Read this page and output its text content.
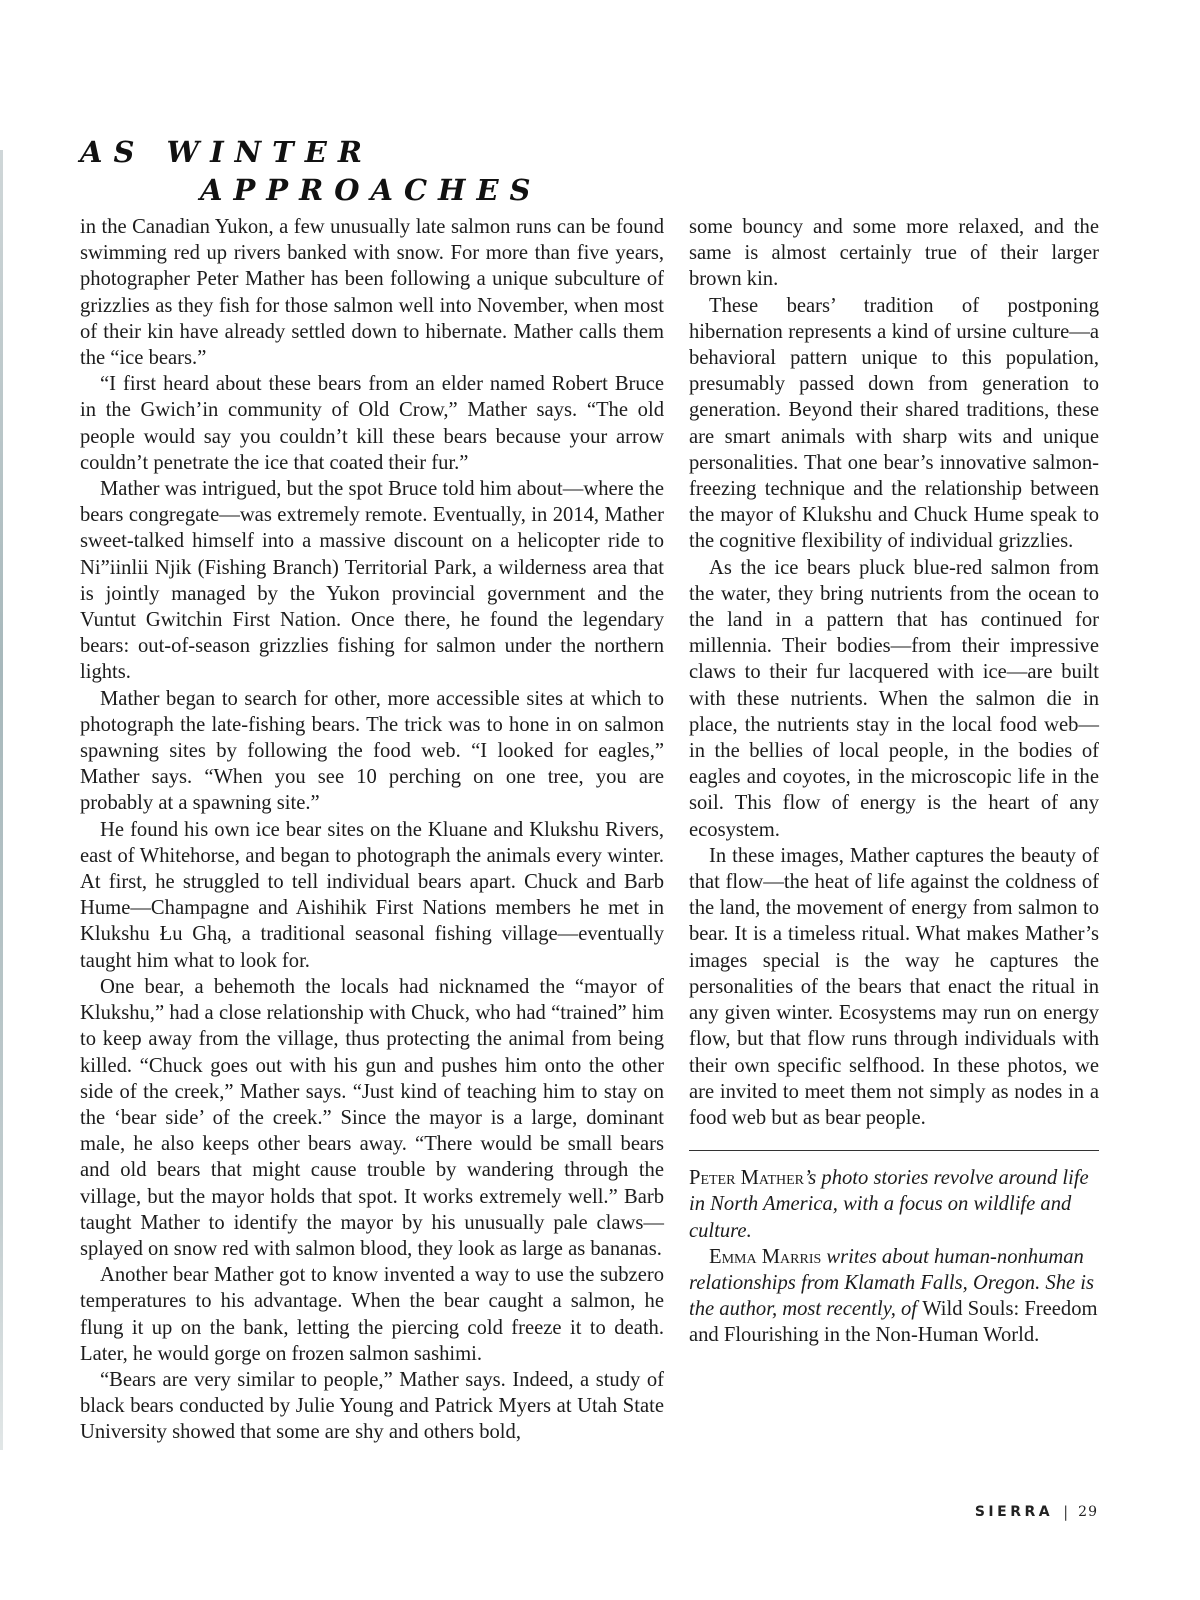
AS WINTER
APPROACHES

in the Canadian Yukon, a few unusually late salmon runs can be found swimming red up rivers banked with snow. For more than five years, photographer Peter Mather has been following a unique subculture of grizzlies as they fish for those salmon well into November, when most of their kin have already settled down to hibernate. Mather calls them the “ice bears.”

“I first heard about these bears from an elder named Robert Bruce in the Gwich’in community of Old Crow,” Mather says. “The old people would say you couldn’t kill these bears because your arrow couldn’t penetrate the ice that coated their fur.”

Mather was intrigued, but the spot Bruce told him about—where the bears congregate—was extremely remote. Eventually, in 2014, Mather sweet-talked himself into a massive discount on a helicopter ride to Ni”iinlii Njik (Fishing Branch) Territorial Park, a wilderness area that is jointly managed by the Yukon provincial government and the Vuntut Gwitchin First Nation. Once there, he found the legendary bears: out-of-season grizzlies fishing for salmon under the northern lights.

Mather began to search for other, more accessible sites at which to photograph the late-fishing bears. The trick was to hone in on salmon spawning sites by following the food web. “I looked for eagles,” Mather says. “When you see 10 perching on one tree, you are probably at a spawning site.”

He found his own ice bear sites on the Kluane and Klukshu Rivers, east of Whitehorse, and began to photograph the animals every winter. At first, he struggled to tell individual bears apart. Chuck and Barb Hume—Champagne and Aishihik First Nations members he met in Klukshu Łu Ghą, a traditional seasonal fishing village—eventually taught him what to look for.

One bear, a behemoth the locals had nicknamed the “mayor of Klukshu,” had a close relationship with Chuck, who had “trained” him to keep away from the village, thus protecting the animal from being killed. “Chuck goes out with his gun and pushes him onto the other side of the creek,” Mather says. “Just kind of teaching him to stay on the ‘bear side’ of the creek.” Since the mayor is a large, dominant male, he also keeps other bears away. “There would be small bears and old bears that might cause trouble by wandering through the village, but the mayor holds that spot. It works extremely well.” Barb taught Mather to identify the mayor by his unusually pale claws—splayed on snow red with salmon blood, they look as large as bananas.

Another bear Mather got to know invented a way to use the subzero temperatures to his advantage. When the bear caught a salmon, he flung it up on the bank, letting the piercing cold freeze it to death. Later, he would gorge on frozen salmon sashimi.

“Bears are very similar to people,” Mather says. Indeed, a study of black bears conducted by Julie Young and Patrick Myers at Utah State University showed that some are shy and others bold,

some bouncy and some more relaxed, and the same is almost certainly true of their larger brown kin.

These bears’ tradition of postponing hibernation represents a kind of ursine culture—a behavioral pattern unique to this population, presumably passed down from generation to generation. Beyond their shared traditions, these are smart animals with sharp wits and unique personalities. That one bear’s innovative salmon-freezing technique and the relationship between the mayor of Klukshu and Chuck Hume speak to the cognitive flexibility of individual grizzlies.

As the ice bears pluck blue-red salmon from the water, they bring nutrients from the ocean to the land in a pattern that has continued for millennia. Their bodies—from their impressive claws to their fur lacquered with ice—are built with these nutrients. When the salmon die in place, the nutrients stay in the local food web—in the bellies of local people, in the bodies of eagles and coyotes, in the microscopic life in the soil. This flow of energy is the heart of any ecosystem.

In these images, Mather captures the beauty of that flow—the heat of life against the coldness of the land, the movement of energy from salmon to bear. It is a timeless ritual. What makes Mather’s images special is the way he captures the personalities of the bears that enact the ritual in any given winter. Ecosystems may run on energy flow, but that flow runs through individuals with their own specific selfhood. In these photos, we are invited to meet them not simply as nodes in a food web but as bear people.

Peter Mather’s photo stories revolve around life in North America, with a focus on wildlife and culture.

Emma Marris writes about human-nonhuman relationships from Klamath Falls, Oregon. She is the author, most recently, of Wild Souls: Freedom and Flourishing in the Non-Human World.

SIERRA | 29
